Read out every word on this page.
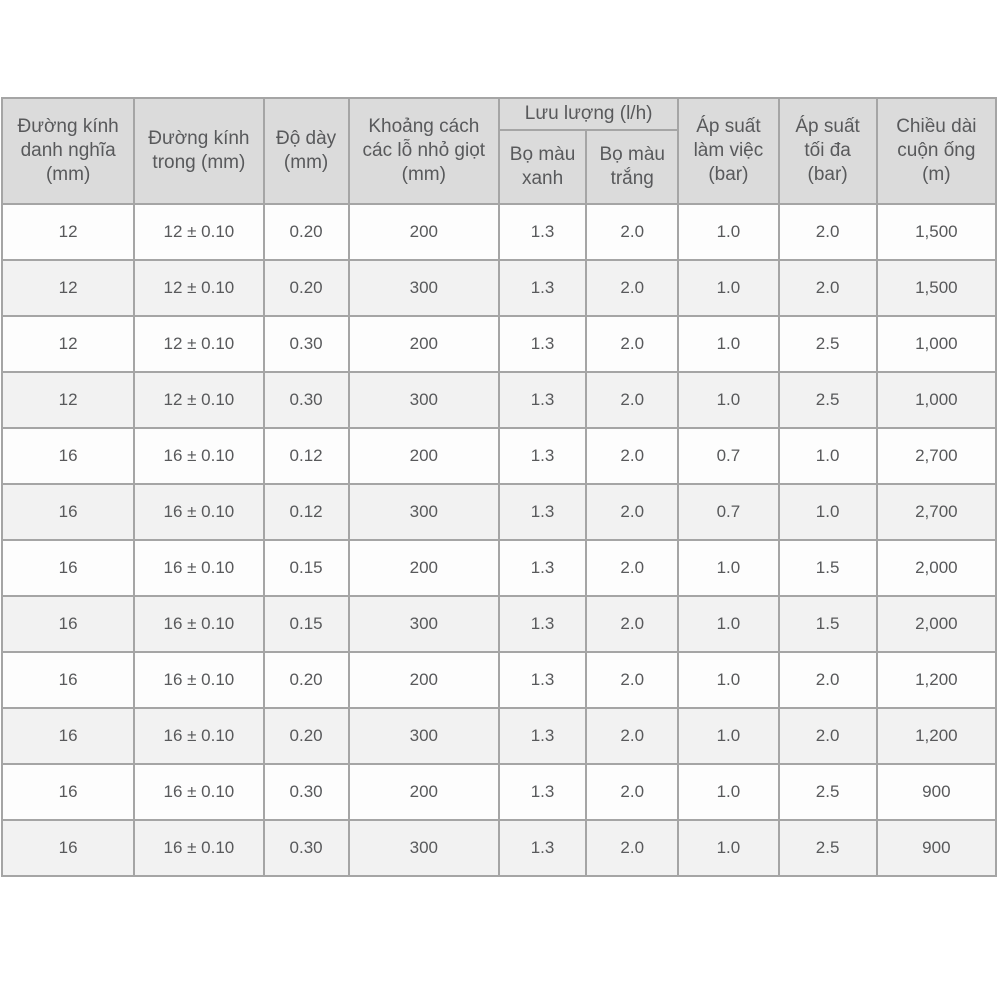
Đường kính danh nghĩa (mm)	Đường kính trong (mm)	Độ dày (mm)	Khoảng cách các lỗ nhỏ giọt (mm)	Lưu lượng (l/h)		Áp suất làm việc (bar)	Áp suất tối đa (bar)	Chiều dài cuộn ống (m)
				Bọ màu xanh	Bọ màu trắng			
12	12 ± 0.10	0.20	200	1.3	2.0	1.0	2.0	1,500
12	12 ± 0.10	0.20	300	1.3	2.0	1.0	2.0	1,500
12	12 ± 0.10	0.30	200	1.3	2.0	1.0	2.5	1,000
12	12 ± 0.10	0.30	300	1.3	2.0	1.0	2.5	1,000
16	16 ± 0.10	0.12	200	1.3	2.0	0.7	1.0	2,700
16	16 ± 0.10	0.12	300	1.3	2.0	0.7	1.0	2,700
16	16 ± 0.10	0.15	200	1.3	2.0	1.0	1.5	2,000
16	16 ± 0.10	0.15	300	1.3	2.0	1.0	1.5	2,000
16	16 ± 0.10	0.20	200	1.3	2.0	1.0	2.0	1,200
16	16 ± 0.10	0.20	300	1.3	2.0	1.0	2.0	1,200
16	16 ± 0.10	0.30	200	1.3	2.0	1.0	2.5	900
16	16 ± 0.10	0.30	300	1.3	2.0	1.0	2.5	900
